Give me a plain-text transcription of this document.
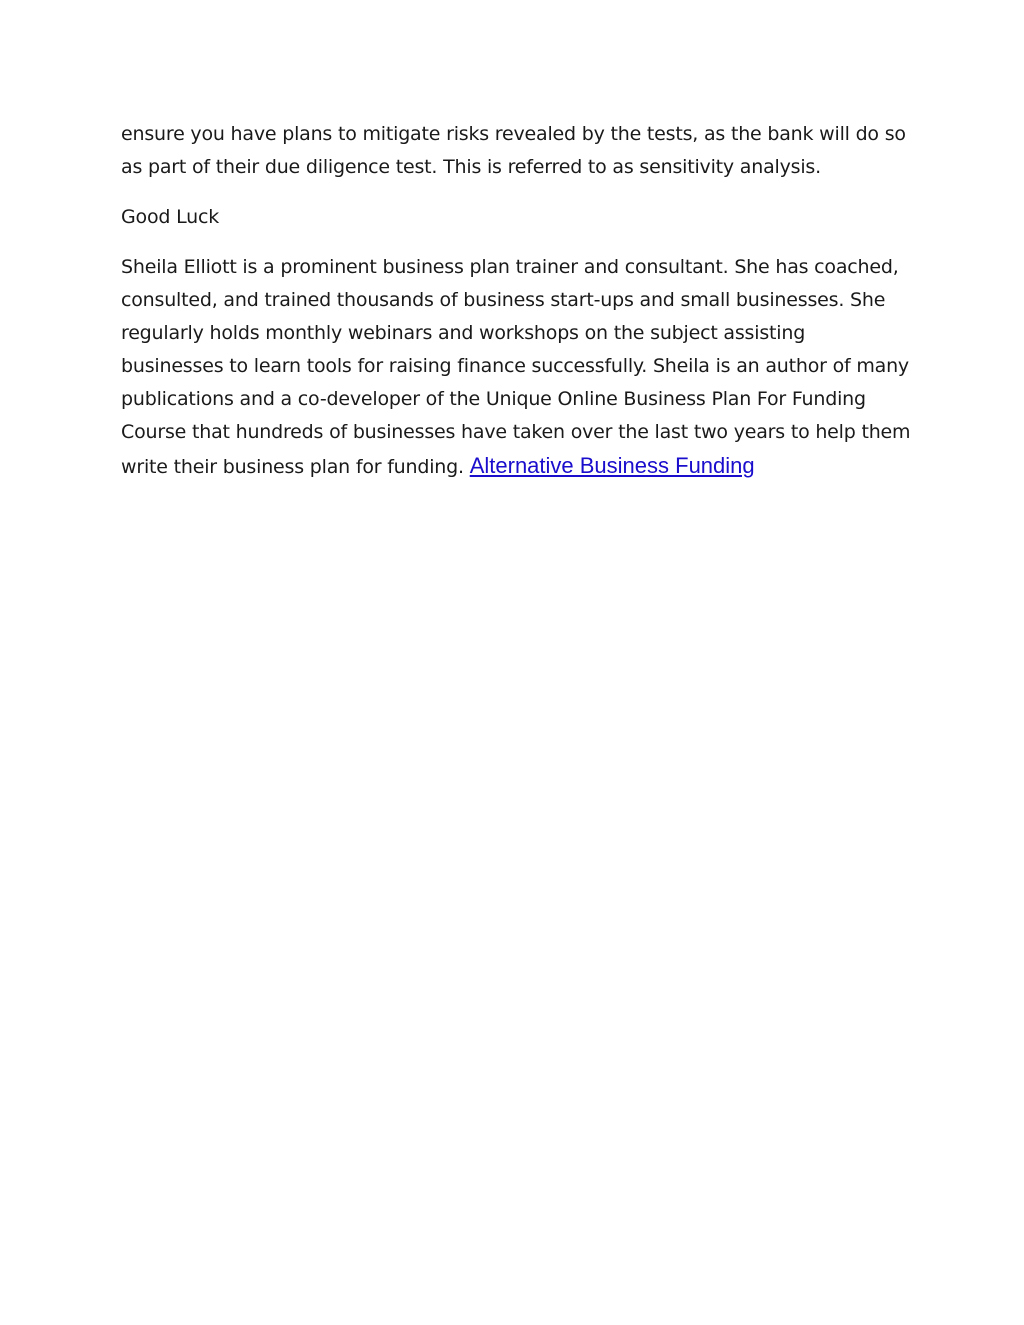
ensure you have plans to mitigate risks revealed by the tests, as the bank will do so as part of their due diligence test. This is referred to as sensitivity analysis.

Good Luck

Sheila Elliott is a prominent business plan trainer and consultant. She has coached, consulted, and trained thousands of business start-ups and small businesses. She regularly holds monthly webinars and workshops on the subject assisting businesses to learn tools for raising finance successfully. Sheila is an author of many publications and a co-developer of the Unique Online Business Plan For Funding Course that hundreds of businesses have taken over the last two years to help them write their business plan for funding. Alternative Business Funding
